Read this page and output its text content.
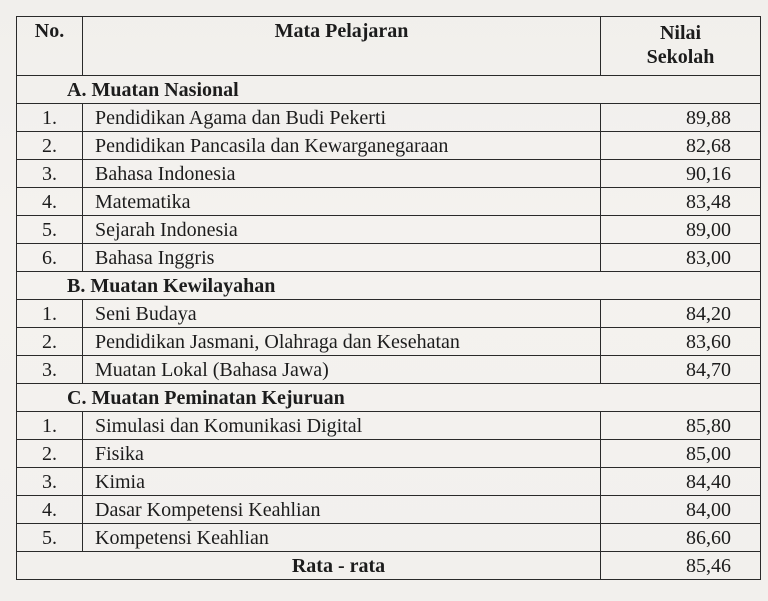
No.	Mata Pelajaran	Nilai
Sekolah
A. Muatan Nasional		
1.	Pendidikan Agama dan Budi Pekerti	89,88
2.	Pendidikan Pancasila dan Kewarganegaraan	82,68
3.	Bahasa Indonesia	90,16
4.	Matematika	83,48
5.	Sejarah Indonesia	89,00
6.	Bahasa Inggris	83,00
B. Muatan Kewilayahan		
1.	Seni Budaya	84,20
2.	Pendidikan Jasmani, Olahraga dan Kesehatan	83,60
3.	Muatan Lokal (Bahasa Jawa)	84,70
C. Muatan Peminatan Kejuruan		
1.	Simulasi dan Komunikasi Digital	85,80
2.	Fisika	85,00
3.	Kimia	84,40
4.	Dasar Kompetensi Keahlian	84,00
5.	Kompetensi Keahlian	86,60
Rata - rata		85,46
